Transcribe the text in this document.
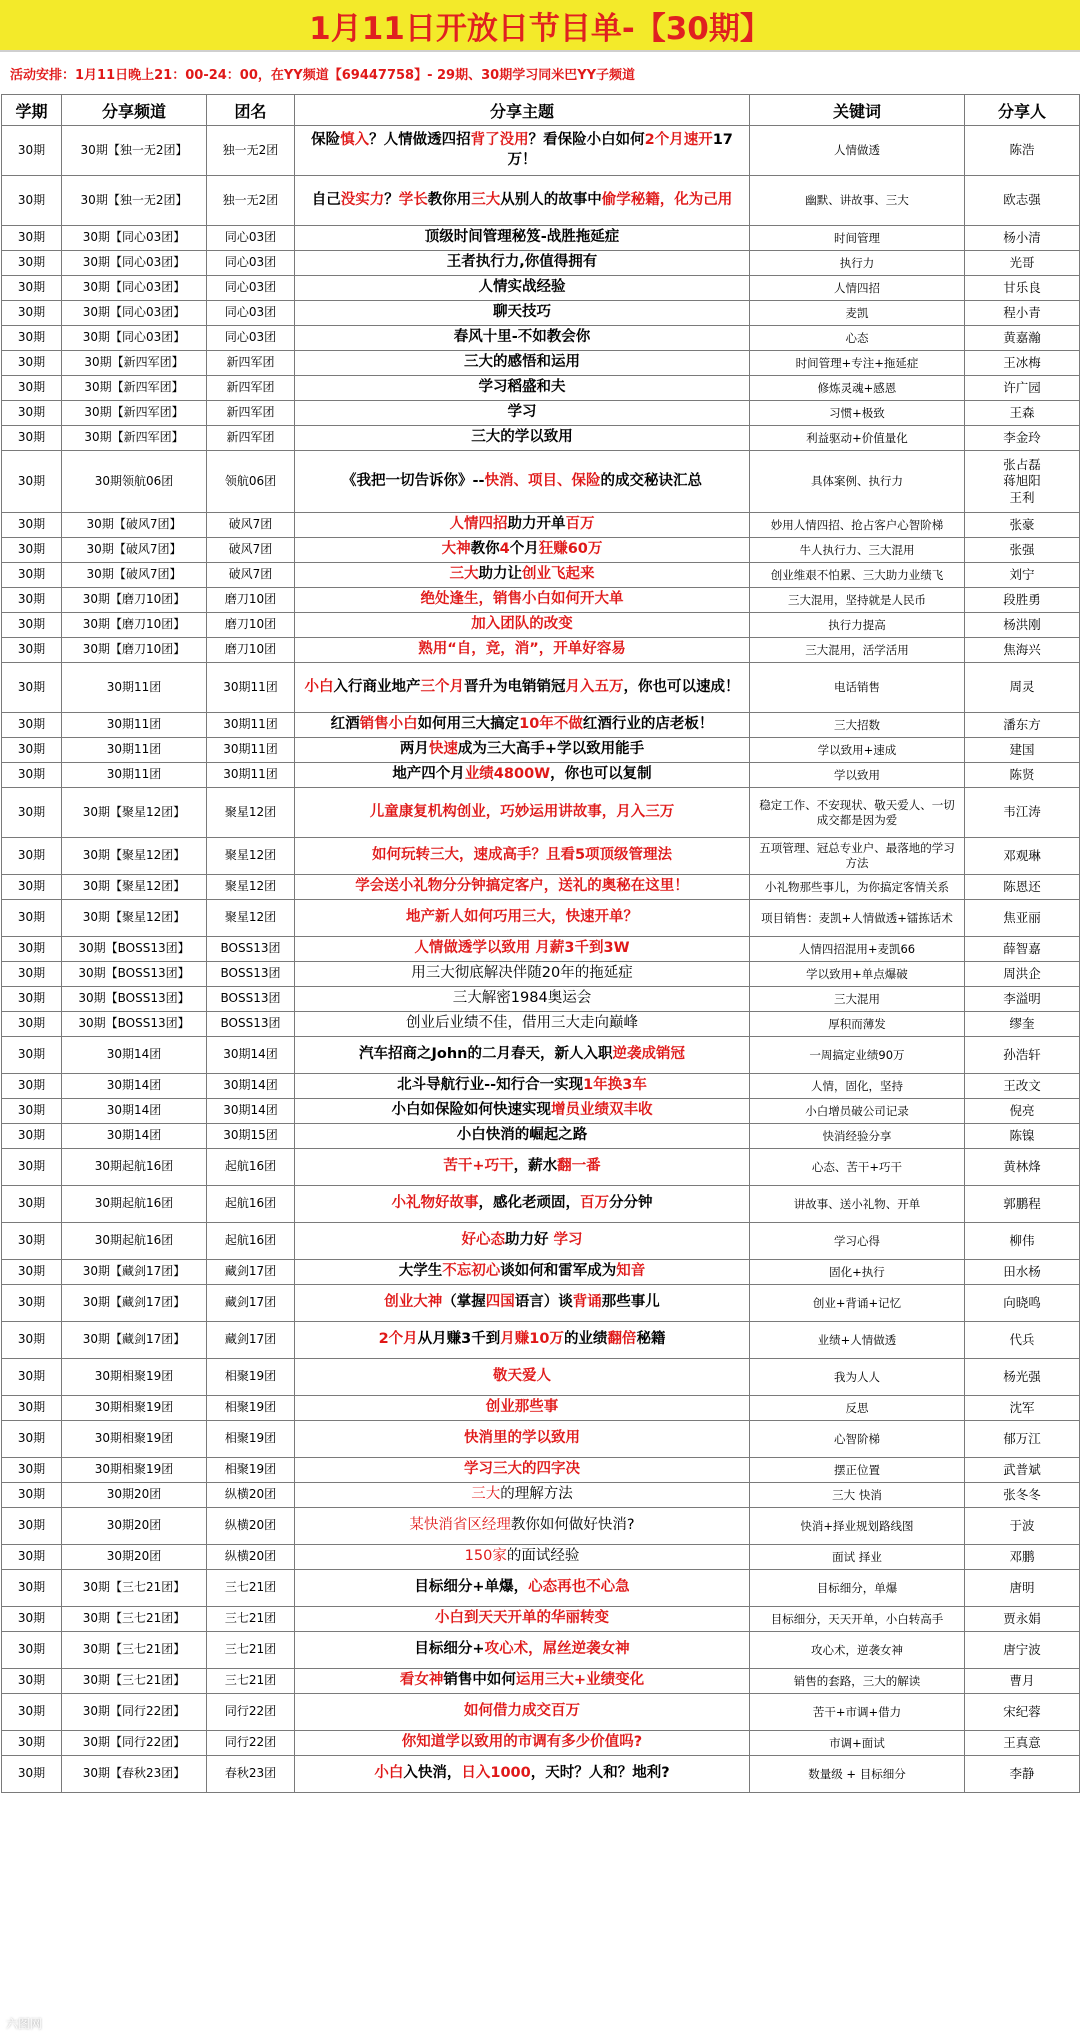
1月11日开放日节目单-【30期】
活动安排：1月11日晚上21：00-24：00，在YY频道【69447758】- 29期、30期学习同米巴YY子频道
学期	分享频道	团名	分享主题	关键词	分享人
30期	30期【独一无2团】	独一无2团	保险慎入？人情做透四招背了没用？看保险小白如何2个月速开17万！	人情做透	陈浩
30期	30期【独一无2团】	独一无2团	自己没实力？学长教你用三大从别人的故事中偷学秘籍，化为己用	幽默、讲故事、三大	欧志强
30期	30期【同心03团】	同心03团	顶级时间管理秘笈-战胜拖延症	时间管理	杨小清
30期	30期【同心03团】	同心03团	王者执行力,你值得拥有	执行力	光哥
30期	30期【同心03团】	同心03团	人情实战经验	人情四招	甘乐良
30期	30期【同心03团】	同心03团	聊天技巧	麦凯	程小青
30期	30期【同心03团】	同心03团	春风十里-不如教会你	心态	黄嘉瀚
30期	30期【新四军团】	新四军团	三大的感悟和运用	时间管理+专注+拖延症	王冰梅
30期	30期【新四军团】	新四军团	学习稻盛和夫	修炼灵魂+感恩	许广园
30期	30期【新四军团】	新四军团	学习	习惯+极致	王森
30期	30期【新四军团】	新四军团	三大的学以致用	利益驱动+价值量化	李金玲
30期	30期领航06团	领航06团	《我把一切告诉你》--快消、项目、保险的成交秘诀汇总	具体案例、执行力	张占磊
蒋旭阳
王利
30期	30期【破风7团】	破风7团	人情四招助力开单百万	妙用人情四招、抢占客户心智阶梯	张豪
30期	30期【破风7团】	破风7团	大神教你4个月狂赚60万	牛人执行力、三大混用	张强
30期	30期【破风7团】	破风7团	三大助力让创业飞起来	创业维艰不怕累、三大助力业绩飞	刘宁
30期	30期【磨刀10团】	磨刀10团	绝处逢生，销售小白如何开大单	三大混用，坚持就是人民币	段胜勇
30期	30期【磨刀10团】	磨刀10团	加入团队的改变	执行力提高	杨洪刚
30期	30期【磨刀10团】	磨刀10团	熟用“自，竞，消”，开单好容易	三大混用，活学活用	焦海兴
30期	30期11团	30期11团	小白入行商业地产三个月晋升为电销销冠月入五万，你也可以速成！	电话销售	周灵
30期	30期11团	30期11团	红酒销售小白如何用三大搞定10年不做红酒行业的店老板！	三大招数	潘东方
30期	30期11团	30期11团	两月快速成为三大高手+学以致用能手	学以致用+速成	建国
30期	30期11团	30期11团	地产四个月业绩4800W，你也可以复制	学以致用	陈贤
30期	30期【聚星12团】	聚星12团	儿童康复机构创业，巧妙运用讲故事，月入三万	稳定工作、不安现状、敬天爱人、一切成交都是因为爱	韦江涛
30期	30期【聚星12团】	聚星12团	如何玩转三大，速成高手？且看5项顶级管理法	五项管理、冠总专业户、最落地的学习方法	邓观琳
30期	30期【聚星12团】	聚星12团	学会送小礼物分分钟搞定客户，送礼的奥秘在这里！	小礼物那些事儿，为你搞定客情关系	陈恩还
30期	30期【聚星12团】	聚星12团	地产新人如何巧用三大，快速开单？	项目销售：麦凯+人情做透+镭拣话术	焦亚丽
30期	30期【BOSS13团】	BOSS13团	人情做透学以致用 月薪3千到3W	人情四招混用+麦凯66	薛智嘉
30期	30期【BOSS13团】	BOSS13团	用三大彻底解决伴随20年的拖延症	学以致用+单点爆破	周洪企
30期	30期【BOSS13团】	BOSS13团	三大解密1984奥运会	三大混用	李溢明
30期	30期【BOSS13团】	BOSS13团	创业后业绩不佳，借用三大走向巅峰	厚积而薄发	缪奎
30期	30期14团	30期14团	汽车招商之John的二月春天，新人入职逆袭成销冠	一周搞定业绩90万	孙浩轩
30期	30期14团	30期14团	北斗导航行业--知行合一实现1年换3车	人情，固化，坚持	王改文
30期	30期14团	30期14团	小白如保险如何快速实现增员业绩双丰收	小白增员破公司记录	倪亮
30期	30期14团	30期15团	小白快消的崛起之路	快消经验分享	陈镍
30期	30期起航16团	起航16团	苦干+巧干，薪水翻一番	心态、苦干+巧干	黄林烽
30期	30期起航16团	起航16团	小礼物好故事，感化老顽固，百万分分钟	讲故事、送小礼物、开单	郭鹏程
30期	30期起航16团	起航16团	好心态助力好 学习	学习心得	柳伟
30期	30期【藏剑17团】	藏剑17团	大学生不忘初心谈如何和雷军成为知音	固化+执行	田水杨
30期	30期【藏剑17团】	藏剑17团	创业大神（掌握四国语言）谈背诵那些事儿	创业+背诵+记忆	向晓鸣
30期	30期【藏剑17团】	藏剑17团	2个月从月赚3千到月赚10万的业绩翻倍秘籍	业绩+人情做透	代兵
30期	30期相聚19团	相聚19团	敬天爱人	我为人人	杨光强
30期	30期相聚19团	相聚19团	创业那些事	反思	沈军
30期	30期相聚19团	相聚19团	快消里的学以致用	心智阶梯	郁万江
30期	30期相聚19团	相聚19团	学习三大的四字决	摆正位置	武普斌
30期	30期20团	纵横20团	三大的理解方法	三大 快消	张冬冬
30期	30期20团	纵横20团	某快消省区经理教你如何做好快消?	快消+择业规划路线图	于波
30期	30期20团	纵横20团	150家的面试经验	面试 择业	邓鹏
30期	30期【三七21团】	三七21团	目标细分+单爆，心态再也不心急	目标细分，单爆	唐明
30期	30期【三七21团】	三七21团	小白到天天开单的华丽转变	目标细分，天天开单，小白转高手	贾永娟
30期	30期【三七21团】	三七21团	目标细分+攻心术，屌丝逆袭女神	攻心术，逆袭女神	唐宁波
30期	30期【三七21团】	三七21团	看女神销售中如何运用三大+业绩变化	销售的套路，三大的解读	曹月
30期	30期【同行22团】	同行22团	如何借力成交百万	苦干+市调+借力	宋纪蓉
30期	30期【同行22团】	同行22团	你知道学以致用的市调有多少价值吗?	市调+面试	王真意
30期	30期【春秋23团】	春秋23团	小白入快消，日入1000，天时？人和？地利?	数量级 + 目标细分	李静
六图网
